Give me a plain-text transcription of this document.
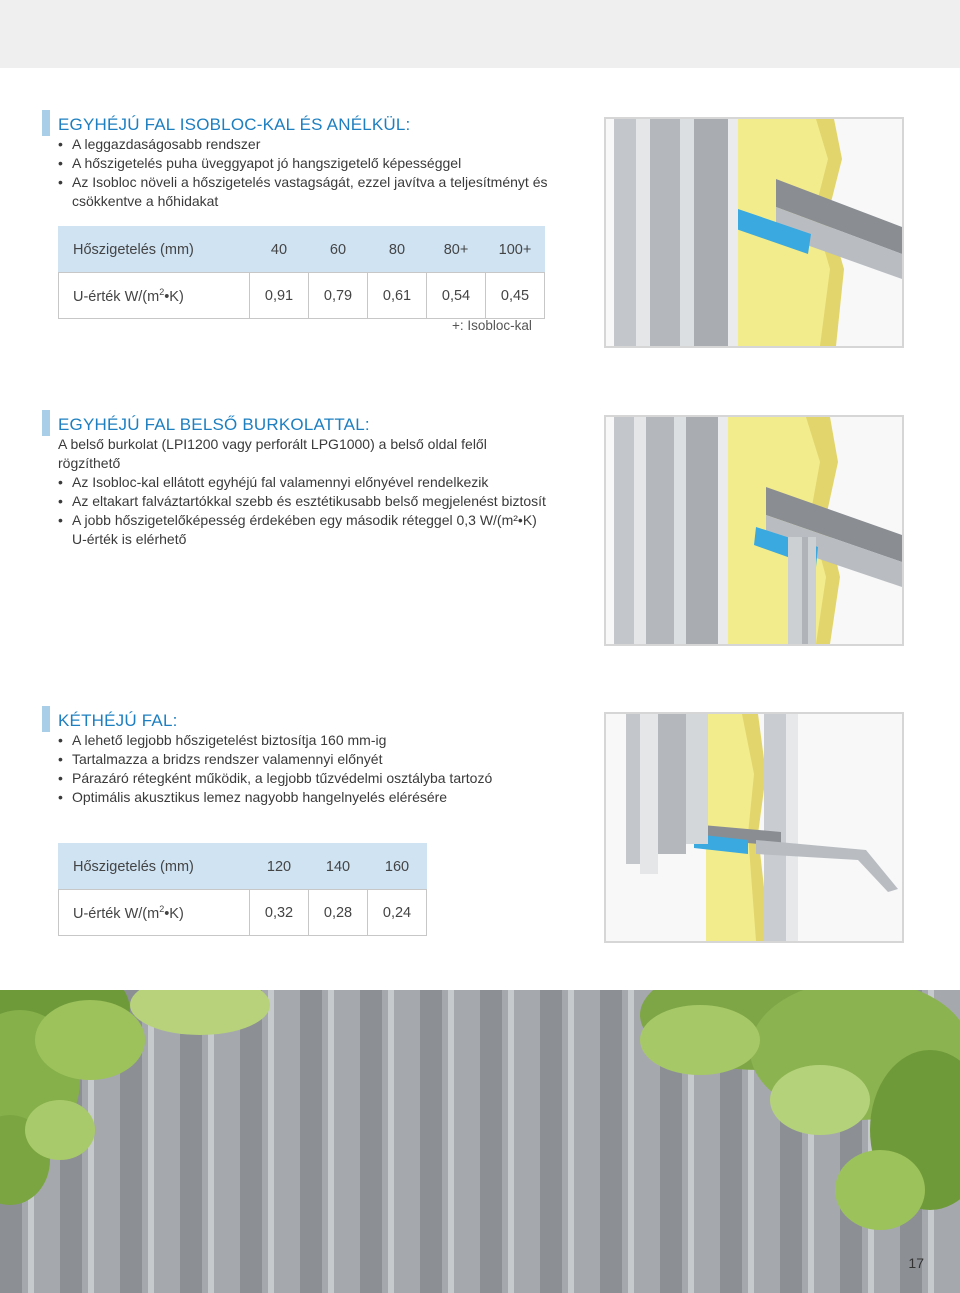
EGYHÉJÚ FAL ISOBLOC-KAL ÉS ANÉLKÜL:
• A leggazdaságosabb rendszer
• A hőszigetelés puha üveggyapot jó hangszigetelő képességgel
• Az Isobloc növeli a hőszigetelés vastagságát, ezzel javítva a teljesítményt és csökkentve a hőhidakat
Hőszigetelés (mm)	40	60	80	80+	100+
U-érték $W/(m^2•K)$	0,91	0,79	0,61	0,54	0,45
+: Isobloc-kal
EGYHÉJÚ FAL BELSŐ BURKOLATTAL:

A belső burkolat (LPI1200 vagy perforált LPG1000) a belső oldal felől rögzíthető

• Az Isobloc-kal ellátott egyhéjú fal valamennyi előnyével rendelkezik
• Az eltakart falváztartókkal szebb és esztétikusabb belső megjelenést biztosít
• A jobb hőszigetelőképesség érdekében egy második réteggel 0,3 W/(m²•K) U-érték is elérhető
KÉTHÉJÚ FAL:
• A lehető legjobb hőszigetelést biztosítja 160 mm-ig
• Tartalmazza a bridzs rendszer valamennyi előnyét
• Párazáró rétegként működik, a legjobb tűzvédelmi osztályba tartozó
• Optimális akusztikus lemez nagyobb hangelnyelés elérésére
Hőszigetelés (mm)	120	140	160
U-érték $W/(m^2•K)$	0,32	0,28	0,24
17
